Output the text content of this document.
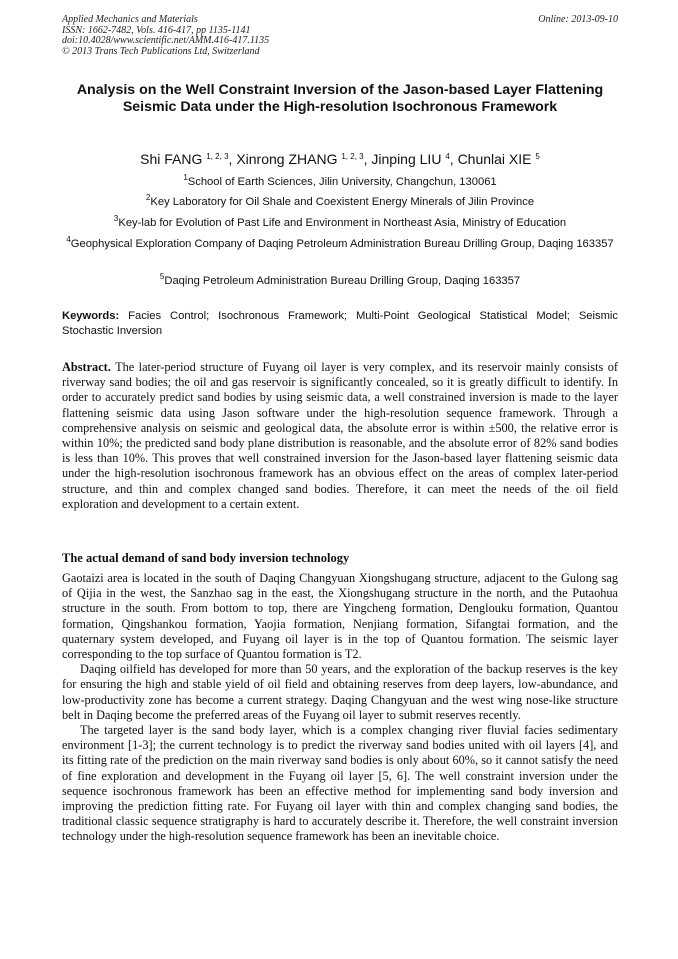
Applied Mechanics and Materials	Online: 2013-09-10
ISSN: 1662-7482, Vols. 416-417, pp 1135-1141
doi:10.4028/www.scientific.net/AMM.416-417.1135
© 2013 Trans Tech Publications Ltd, Switzerland
Analysis on the Well Constraint Inversion of the Jason-based Layer Flattening Seismic Data under the High-resolution Isochronous Framework
Shi FANG $^{1, 2, 3}$, Xinrong ZHANG $^{1, 2, 3}$, Jinping LIU $^4$, Chunlai XIE $^5$
$^1$School of Earth Sciences, Jilin University, Changchun, 130061
$^2$Key Laboratory for Oil Shale and Coexistent Energy Minerals of Jilin Province
$^3$Key-lab for Evolution of Past Life and Environment in Northeast Asia, Ministry of Education
$^4$Geophysical Exploration Company of Daqing Petroleum Administration Bureau Drilling Group, Daqing 163357
$^5$Daqing Petroleum Administration Bureau Drilling Group, Daqing 163357
Keywords: Facies Control; Isochronous Framework; Multi-Point Geological Statistical Model; Seismic Stochastic Inversion
Abstract. The later-period structure of Fuyang oil layer is very complex, and its reservoir mainly consists of riverway sand bodies; the oil and gas reservoir is significantly concealed, so it is greatly difficult to identify. In order to accurately predict sand bodies by using seismic data, a well constrained inversion is made to the layer flattening seismic data using Jason software under the high-resolution sequence framework. Through a comprehensive analysis on seismic and geological data, the absolute error is within ±500, the relative error is within 10%; the predicted sand body plane distribution is reasonable, and the absolute error of 82% sand bodies is less than 10%. This proves that well constrained inversion for the Jason-based layer flattening seismic data under the high-resolution isochronous framework has an obvious effect on the areas of complex later-period structure, and thin and complex changed sand bodies. Therefore, it can meet the needs of the oil field exploration and development to a certain extent.
The actual demand of sand body inversion technology

Gaotaizi area is located in the south of Daqing Changyuan Xiongshugang structure, adjacent to the Gulong sag of Qijia in the west, the Sanzhao sag in the east, the Xiongshugang structure in the north, and the Putaohua structure in the south. From bottom to top, there are Yingcheng formation, Denglouku formation, Quantou formation, Qingshankou formation, Yaojia formation, Nenjiang formation, Sifangtai formation, and the quaternary system developed, and Fuyang oil layer is in the top of Quantou formation. The seismic layer corresponding to the top surface of Quantou formation is T2.

Daqing oilfield has developed for more than 50 years, and the exploration of the backup reserves is the key for ensuring the high and stable yield of oil field and obtaining reserves from deep layers, low-abundance, and low-productivity zone has become a current strategy. Daqing Changyuan and the west wing nose-like structure belt in Daqing become the preferred areas of the Fuyang oil layer to submit reserves recently.

The targeted layer is the sand body layer, which is a complex changing river fluvial facies sedimentary environment [1-3]; the current technology is to predict the riverway sand bodies united with oil layers [4], and its fitting rate of the prediction on the main riverway sand bodies is only about 60%, so it cannot satisfy the need of fine exploration and development in the Fuyang oil layer [5, 6]. The well constraint inversion under the sequence isochronous framework has been an effective method for implementing sand body inversion and improving the prediction fitting rate. For Fuyang oil layer with thin and complex changing sand bodies, the traditional classic sequence stratigraphy is hard to accurately describe it. Therefore, the well constraint inversion technology under the high-resolution sequence framework has been an inevitable choice.
